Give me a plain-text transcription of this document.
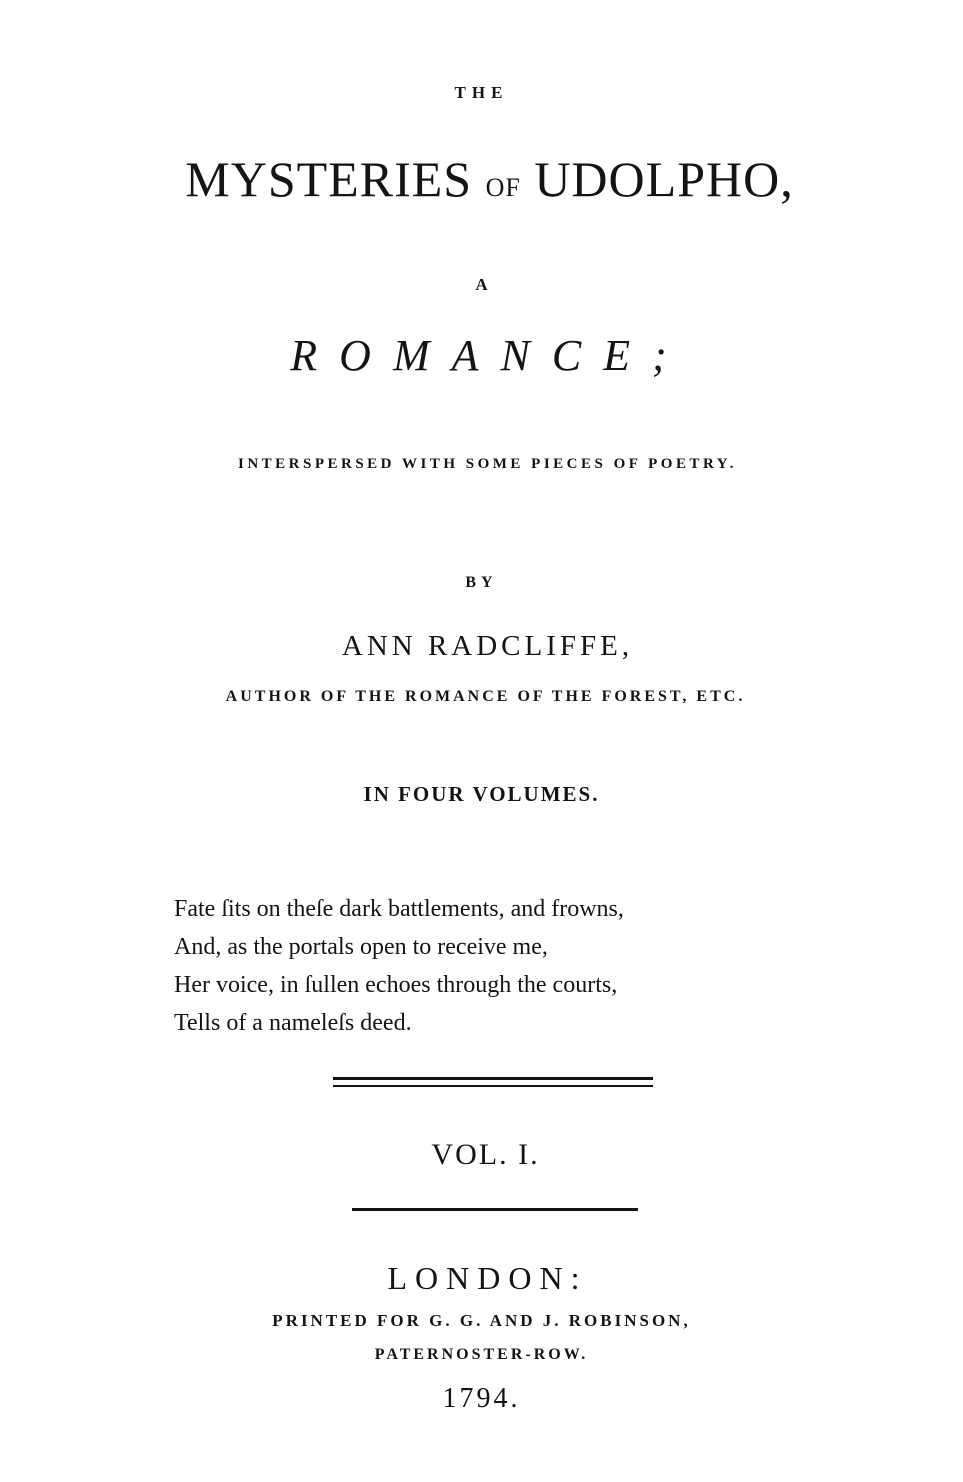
THE
MYSTERIES OF UDOLPHO,
A
ROMANCE;
INTERSPERSED WITH SOME PIECES OF POETRY.
BY
ANN RADCLIFFE,
AUTHOR OF THE ROMANCE OF THE FOREST, ETC.
IN FOUR VOLUMES.
Fate ſits on theſe dark battlements, and frowns,
And, as the portals open to receive me,
Her voice, in ſullen echoes through the courts,
Tells of a nameleſs deed.
VOL. I.
LONDON:
PRINTED FOR G. G. AND J. ROBINSON,
PATERNOSTER-ROW.
1794.
